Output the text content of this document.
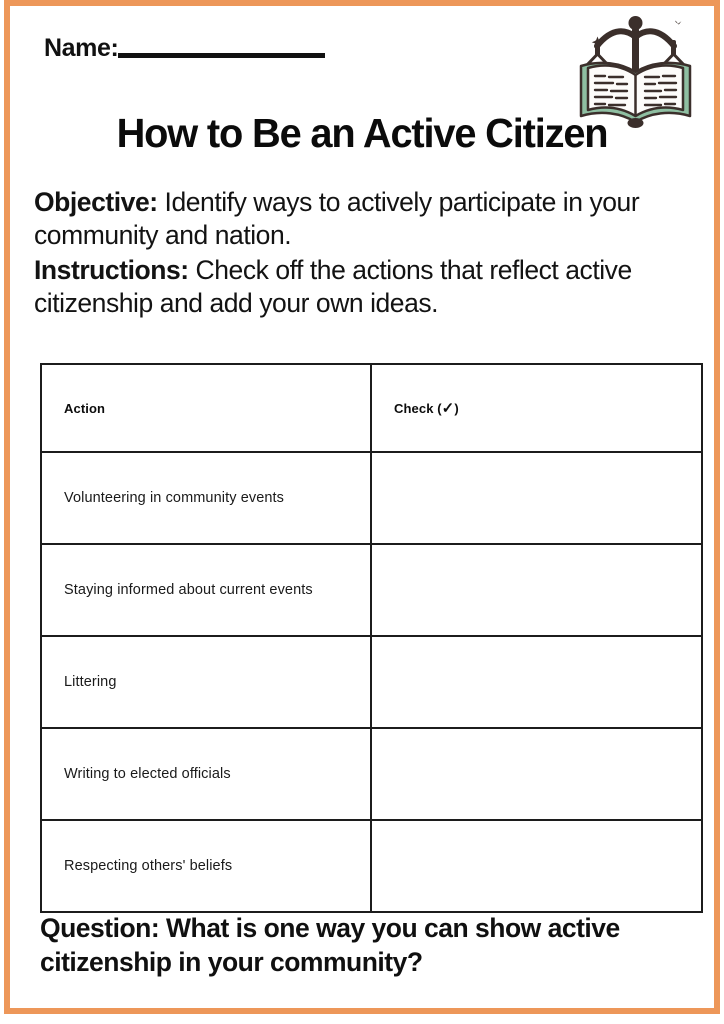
Name:
How to Be an Active Citizen

Objective: Identify ways to actively participate in your community and nation.

Instructions: Check off the actions that reflect active citizenship and add your own ideas.

Action	Check (✓)
Volunteering in community events	
Staying informed about current events	
Littering	
Writing to elected officials	
Respecting others' beliefs	
Question: What is one way you can show active citizenship in your community?
